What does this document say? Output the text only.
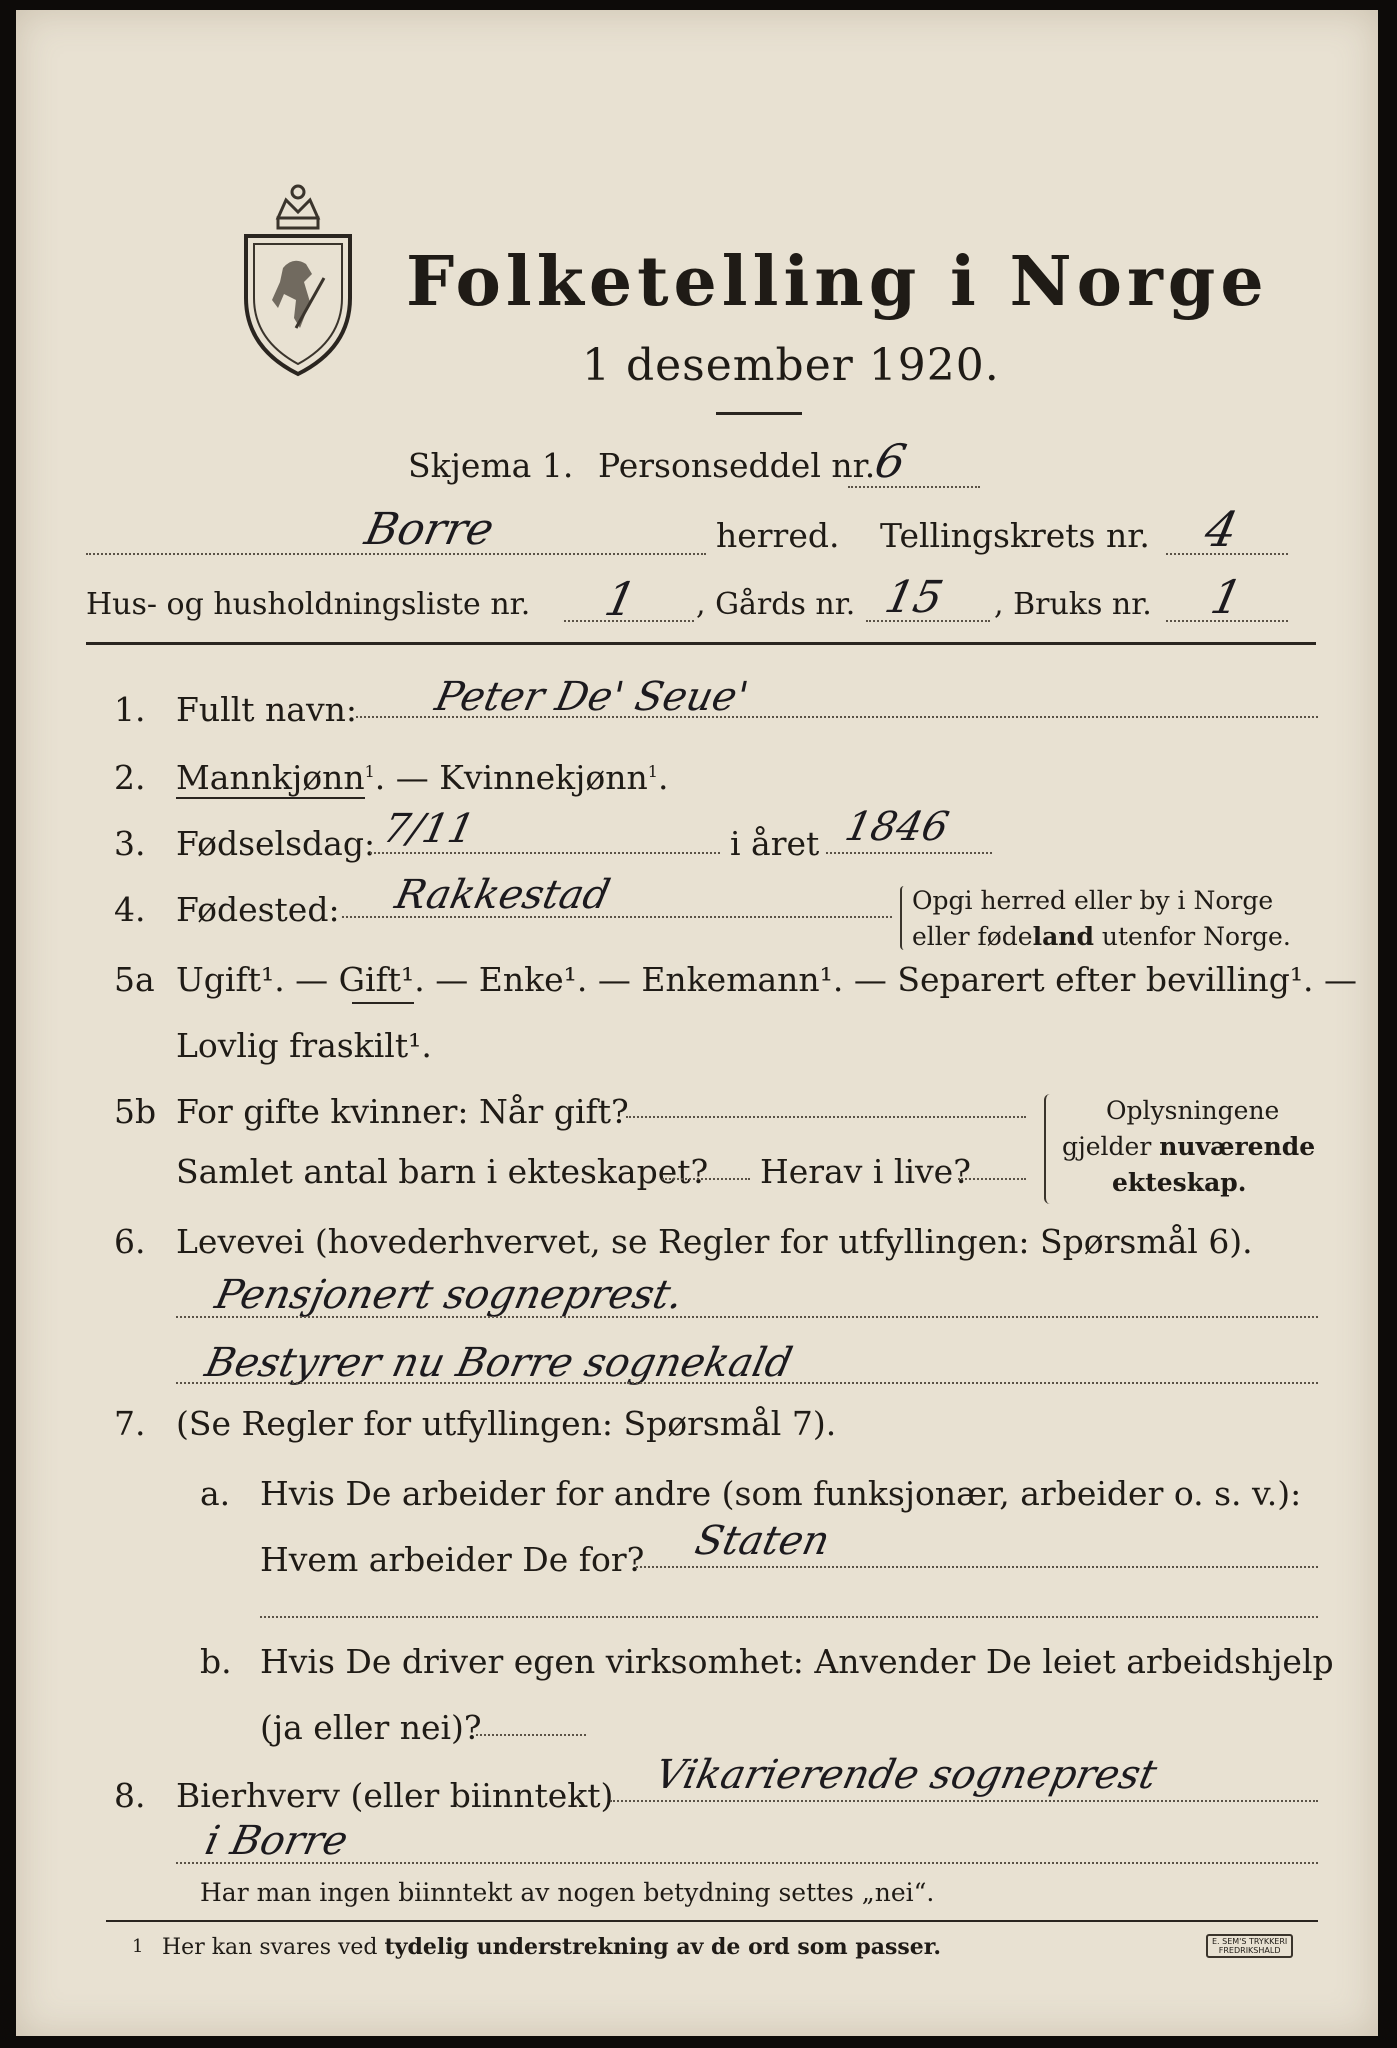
Folketelling i Norge
1 desember 1920.
Skjema 1. Personseddel nr.
6
Borre	herred. Tellingskrets nr. 4
Hus- og husholdningsliste nr. 1 , Gårds nr. 15 , Bruks nr. 1
1. Fullt navn: Peter De' Seue'
2. Mannkjønn$^1$. — Kvinnekjønn$^1$.
3. Fødselsdag: 7/11	i året 1846
4. Fødested: Rakkestad	Opgi herred eller by i Norge
eller fødeland utenfor Norge.
5a Ugift¹. — Gift¹. — Enke¹. — Enkemann¹. — Separert efter bevilling¹. —
Lovlig fraskilt¹.
5b For gifte kvinner: Når gift?
Samlet antal barn i ekteskapet? Herav i live?
Oplysningene
gjelder nuværende
ekteskap.
6. Levevei (hovederhvervet, se Regler for utfyllingen: Spørsmål 6).
Pensjonert sogneprest.
Bestyrer nu Borre sognekald
7. (Se Regler for utfyllingen: Spørsmål 7).
a. Hvis De arbeider for andre (som funksjonær, arbeider o. s. v.):
Hvem arbeider De for? Staten
b. Hvis De driver egen virksomhet: Anvender De leiet arbeidshjelp
(ja eller nei)?
8. Bierhverv (eller biinntekt) Vikarierende sogneprest
i Borre
Har man ingen biinntekt av nogen betydning settes „nei“.
1 Her kan svares ved tydelig understrekning av de ord som passer.	E. SEM'S TRYKKERI
FREDRIKSHALD
